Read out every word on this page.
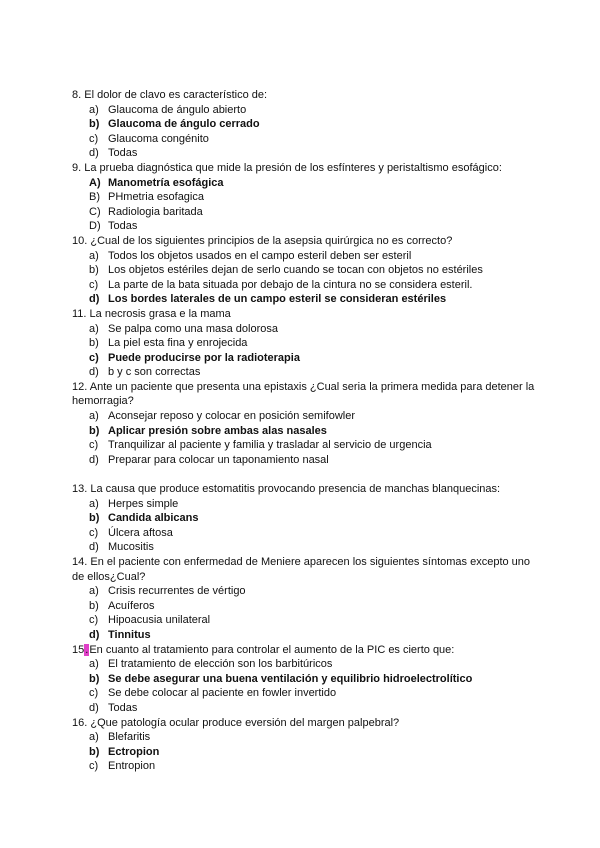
8. El dolor de clavo es característico de:

a) Glaucoma de ángulo abierto
b) Glaucoma de ángulo cerrado
c) Glaucoma congénito
d) Todas

9. La prueba diagnóstica que mide la presión de los esfínteres y peristaltismo esofágico:

A) Manometría esofágica
B) PHmetria esofagica
C) Radiologia baritada
D) Todas

10. ¿Cual de los siguientes principios de la asepsia quirúrgica no es correcto?

a) Todos los objetos usados en el campo esteril deben ser esteril
b) Los objetos estériles dejan de serlo cuando se tocan con objetos no estériles
c) La parte de la bata situada por debajo de la cintura no se considera esteril.
d) Los bordes laterales de un campo esteril se consideran estériles

11. La necrosis grasa e la mama

a) Se palpa como una masa dolorosa
b) La piel esta fina y enrojecida
c) Puede producirse por la radioterapia
d) b y c son correctas

12. Ante un paciente que presenta una epistaxis ¿Cual seria la primera medida para detener la hemorragia?

a) Aconsejar reposo y colocar en posición semifowler
b) Aplicar presión sobre ambas alas nasales
c) Tranquilizar al paciente y familia y trasladar al servicio de urgencia
d) Preparar para colocar un taponamiento nasal

13. La causa que produce estomatitis provocando presencia de manchas blanquecinas:

a) Herpes simple
b) Candida albicans
c) Úlcera aftosa
d) Mucositis

14. En el paciente con enfermedad de Meniere aparecen los siguientes síntomas excepto uno de ellos¿Cual?

a) Crisis recurrentes de vértigo
b) Acuíferos
c) Hipoacusia unilateral
d) Tinnitus

15.En cuanto al tratamiento para controlar el aumento de la PIC es cierto que:

a) El tratamiento de elección son los barbitúricos
b) Se debe asegurar una buena ventilación y equilibrio hidroelectrolítico
c) Se debe colocar al paciente en fowler invertido
d) Todas

16. ¿Que patología ocular produce eversión del margen palpebral?

a) Blefaritis
b) Ectropion
c) Entropion
